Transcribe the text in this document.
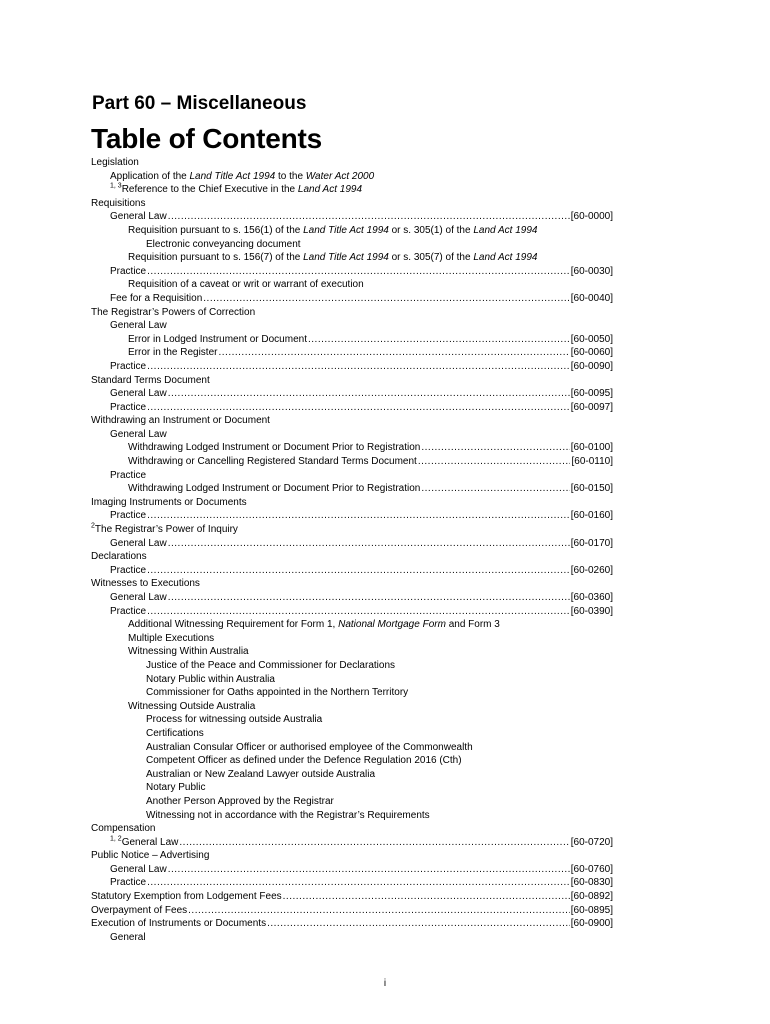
Part 60 – Miscellaneous
Table of Contents
Legislation
Application of the Land Title Act 1994 to the Water Act 2000
$^{1, 3}$Reference to the Chief Executive in the Land Act 1994
Requisitions
General Law .....	[60-0000]
Requisition pursuant to s. 156(1) of the Land Title Act 1994 or s. 305(1) of the Land Act 1994
Electronic conveyancing document
Requisition pursuant to s. 156(7) of the Land Title Act 1994 or s. 305(7) of the Land Act 1994
Practice .....	[60-0030]
Requisition of a caveat or writ or warrant of execution
Fee for a Requisition .....	[60-0040]
The Registrar’s Powers of Correction
General Law
Error in Lodged Instrument or Document .....	[60-0050]
Error in the Register .....	[60-0060]
Practice .....	[60-0090]
Standard Terms Document
General Law .....	[60-0095]
Practice .....	[60-0097]
Withdrawing an Instrument or Document
General Law
Withdrawing Lodged Instrument or Document Prior to Registration .....	[60-0100]
Withdrawing or Cancelling Registered Standard Terms Document .....	[60-0110]
Practice
Withdrawing Lodged Instrument or Document Prior to Registration .....	[60-0150]
Imaging Instruments or Documents
Practice .....	[60-0160]
$^2$The Registrar’s Power of Inquiry
General Law .....	[60-0170]
Declarations
Practice .....	[60-0260]
Witnesses to Executions
General Law .....	[60-0360]
Practice .....	[60-0390]
Additional Witnessing Requirement for Form 1, National Mortgage Form and Form 3
Multiple Executions
Witnessing Within Australia
Justice of the Peace and Commissioner for Declarations
Notary Public within Australia
Commissioner for Oaths appointed in the Northern Territory
Witnessing Outside Australia
Process for witnessing outside Australia
Certifications
Australian Consular Officer or authorised employee of the Commonwealth
Competent Officer as defined under the Defence Regulation 2016 (Cth)
Australian or New Zealand Lawyer outside Australia
Notary Public
Another Person Approved by the Registrar
Witnessing not in accordance with the Registrar’s Requirements
Compensation
$^{1, 2}$General Law .....	[60-0720]
Public Notice – Advertising
General Law .....	[60-0760]
Practice .....	[60-0830]
Statutory Exemption from Lodgement Fees .....	[60-0892]
Overpayment of Fees .....	[60-0895]
Execution of Instruments or Documents .....	[60-0900]
General
i
